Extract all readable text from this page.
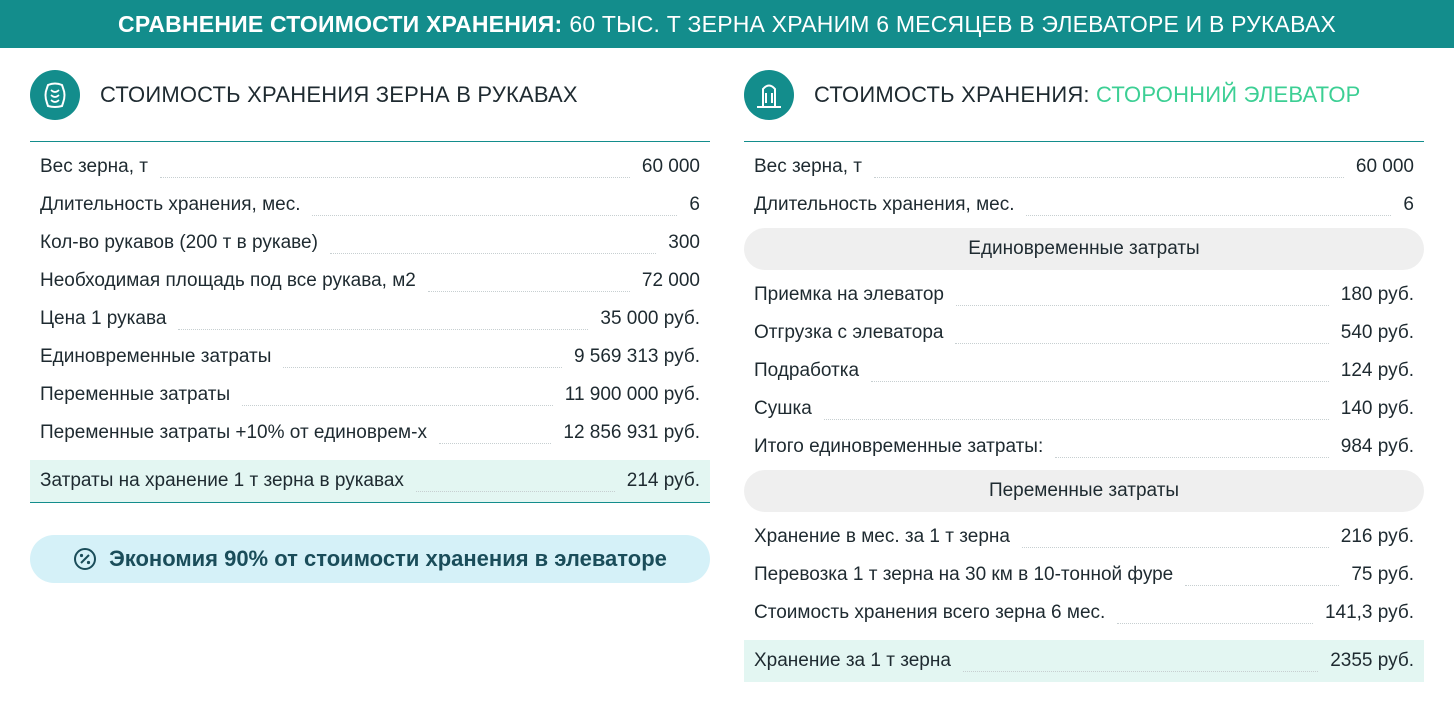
СРАВНЕНИЕ СТОИМОСТИ ХРАНЕНИЯ: 60 ТЫС. Т ЗЕРНА ХРАНИМ 6 МЕСЯЦЕВ В ЭЛЕВАТОРЕ И В РУКАВАХ
СТОИМОСТЬ ХРАНЕНИЯ ЗЕРНА В РУКАВАХ
Вес зерна, т	60 000
Длительность хранения, мес.	6
Кол-во рукавов (200 т в рукаве)	300
Необходимая площадь под все рукава, м2	72 000
Цена 1 рукава	35 000 руб.
Единовременные затраты	9 569 313 руб.
Переменные затраты	11 900 000 руб.
Переменные затраты +10% от единоврем-х	12 856 931 руб.
Затраты на хранение 1 т зерна в рукавах	214 руб.
Экономия 90% от стоимости хранения в элеваторе
СТОИМОСТЬ ХРАНЕНИЯ: СТОРОННИЙ ЭЛЕВАТОР
Вес зерна, т	60 000
Длительность хранения, мес.	6
Единовременные затраты
Приемка на элеватор	180 руб.
Отгрузка с элеватора	540 руб.
Подработка	124 руб.
Сушка	140 руб.
Итого единовременные затраты:	984 руб.
Переменные затраты
Хранение в мес. за 1 т зерна	216 руб.
Перевозка 1 т зерна на 30 км в 10-тонной фуре	75 руб.
Стоимость хранения всего зерна 6 мес.	141,3 руб.
Хранение за 1 т зерна	2355 руб.
